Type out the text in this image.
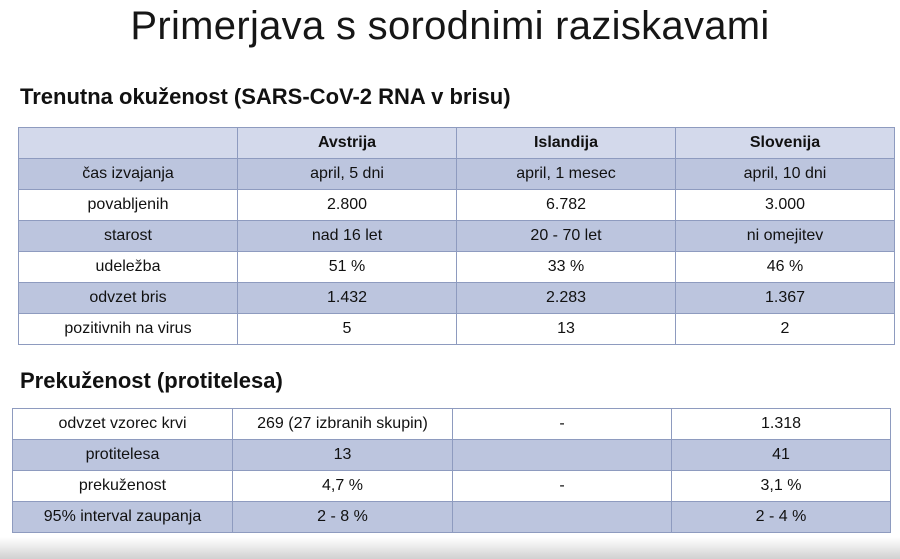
Primerjava s sorodnimi raziskavami
Trenutna okuženost (SARS-CoV-2 RNA v brisu)
	Avstrija	Islandija	Slovenija
čas izvajanja	april, 5 dni	april, 1 mesec	april, 10 dni
povabljenih	2.800	6.782	3.000
starost	nad 16 let	20 - 70 let	ni omejitev
udeležba	51 %	33 %	46 %
odvzet bris	1.432	2.283	1.367
pozitivnih na virus	5	13	2
Prekuženost (protitelesa)
odvzet vzorec krvi	269 (27 izbranih skupin)	-	1.318
protitelesa	13		41
prekuženost	4,7 %	-	3,1 %
95% interval zaupanja	2 - 8 %		2 - 4 %
